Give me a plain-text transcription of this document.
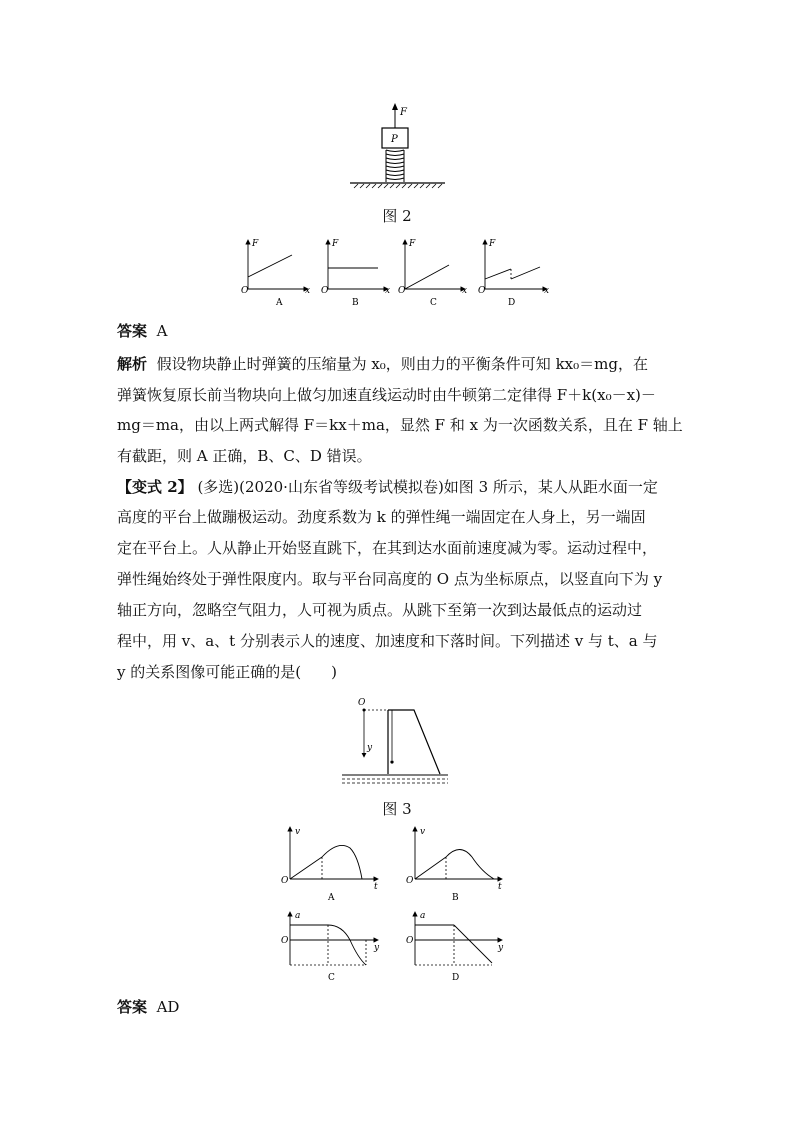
F
P
图 2
F
O	x
A
F
O	x
B
F
O	x
C
F
O	x
D
答案 A
解析 假设物块静止时弹簧的压缩量为 x₀，则由力的平衡条件可知 kx₀＝mg，在
弹簧恢复原长前当物块向上做匀加速直线运动时由牛顿第二定律得 F＋k(x₀－x)－
mg＝ma，由以上两式解得 F＝kx＋ma，显然 F 和 x 为一次函数关系，且在 F 轴上
有截距，则 A 正确，B、C、D 错误。
【变式 2】 (多选)(2020·山东省等级考试模拟卷)如图 3 所示，某人从距水面一定
高度的平台上做蹦极运动。劲度系数为 k 的弹性绳一端固定在人身上，另一端固
定在平台上。人从静止开始竖直跳下，在其到达水面前速度减为零。运动过程中，
弹性绳始终处于弹性限度内。取与平台同高度的 O 点为坐标原点，以竖直向下为 y
轴正方向，忽略空气阻力，人可视为质点。从跳下至第一次到达最低点的运动过
程中，用 v、a、t 分别表示人的速度、加速度和下落时间。下列描述 v 与 t、a 与
y 的关系图像可能正确的是(　　)
O
y
图 3
v
O
t
A
v
O
t
B
a
O
y
C
a
O
y
D
答案 AD
